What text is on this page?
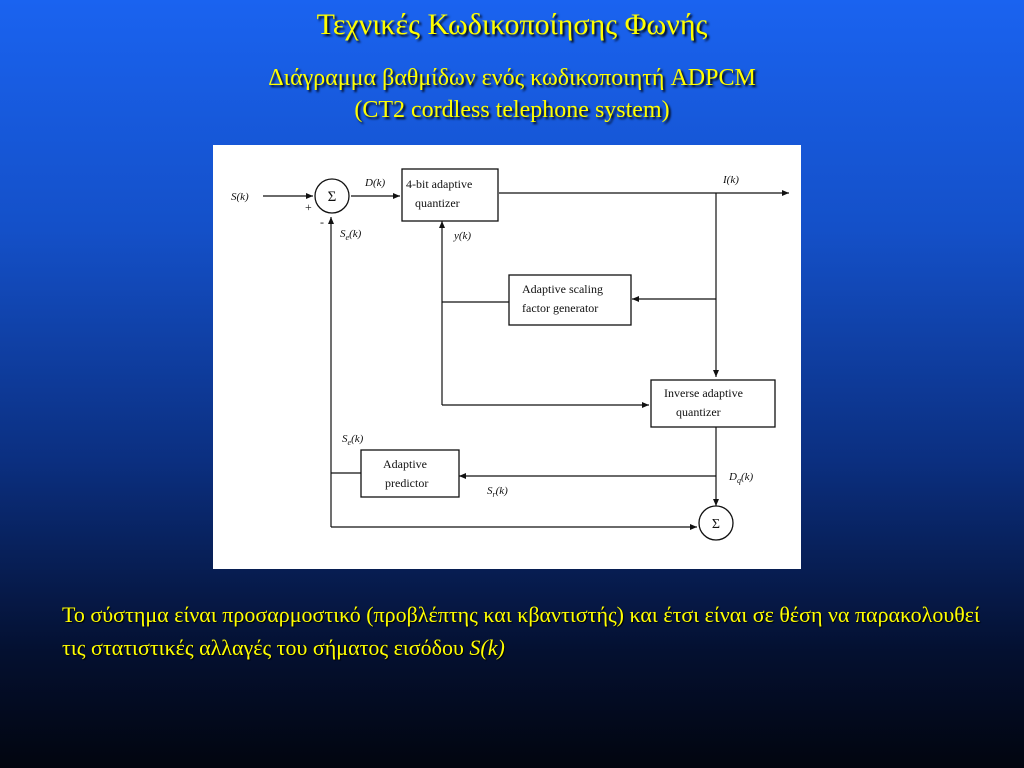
Τεχνικές Κωδικοποίησης Φωνής
Διάγραμμα βαθμίδων ενός κωδικοποιητή ADPCM
(CT2 cordless telephone system)
Σ
Σ
4-bit adaptive
quantizer
Adaptive scaling
factor generator
Inverse adaptive
quantizer
Adaptive
predictor
S(k)
+
-
D(k)	I(k)
$S_e(k)$	y(k)
$S_e(k)$
$D_q(k)$
$S_r(k)$
Το σύστημα είναι προσαρμοστικό (προβλέπτης και κβαντιστής) και έτσι είναι σε θέση να παρακολουθεί τις στατιστικές αλλαγές του σήματος εισόδου S(k)
